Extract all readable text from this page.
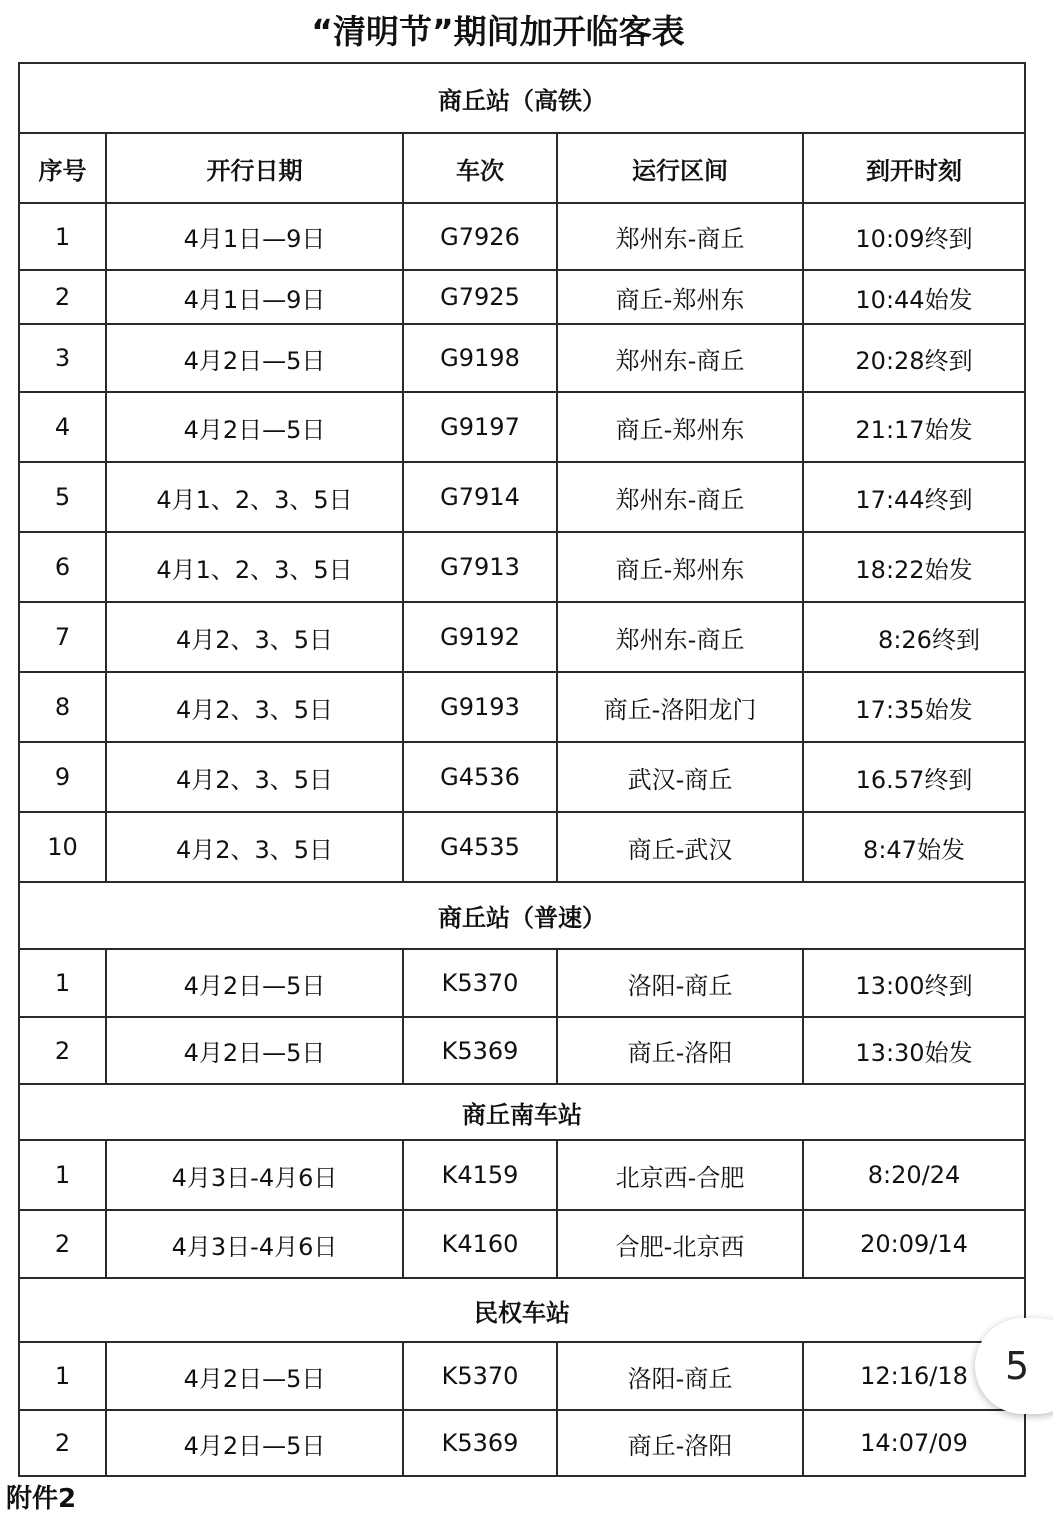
“清明节”期间加开临客表
商丘站（高铁）				
序号	开行日期	车次	运行区间	到开时刻
1	4月1日—9日	G7926	郑州东-商丘	10:09终到
2	4月1日—9日	G7925	商丘-郑州东	10:44始发
3	4月2日—5日	G9198	郑州东-商丘	20:28终到
4	4月2日—5日	G9197	商丘-郑州东	21:17始发
5	4月1、2、3、5日	G7914	郑州东-商丘	17:44终到
6	4月1、2、3、5日	G7913	商丘-郑州东	18:22始发
7	4月2、3、5日	G9192	郑州东-商丘	8:26终到
8	4月2、3、5日	G9193	商丘-洛阳龙门	17:35始发
9	4月2、3、5日	G4536	武汉-商丘	16.57终到
10	4月2、3、5日	G4535	商丘-武汉	8:47始发
商丘站（普速）				
1	4月2日—5日	K5370	洛阳-商丘	13:00终到
2	4月2日—5日	K5369	商丘-洛阳	13:30始发
商丘南车站				
1	4月3日-4月6日	K4159	北京西-合肥	8:20/24
2	4月3日-4月6日	K4160	合肥-北京西	20:09/14
民权车站				
1	4月2日—5日	K5370	洛阳-商丘	12:16/18
2	4月2日—5日	K5369	商丘-洛阳	14:07/09
附件2
5
